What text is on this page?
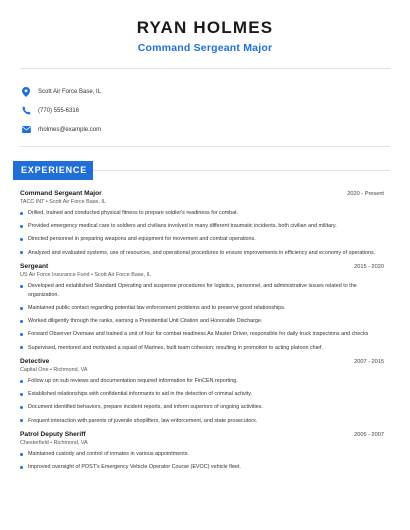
RYAN HOLMES
Command Sergeant Major
Scott Air Force Base, IL
(770) 555-6316
rholmes@example.com
EXPERIENCE
Command Sergeant Major	2020 - Present
TACC INT • Scott Air Force Base, IL
Drilled, trained and conducted physical fitness to prepare soldier's readiness for combat.
Provided emergency medical care to soldiers and civilians involved in many different traumatic incidents, both civilian and military.
Directed personnel in preparing weapons and equipment for movement and combat operations.
Analyzed and evaluated systems, use of resources, and operational procedures to ensure improvements in efficiency and economy of operations.
Sergeant	2015 - 2020
US Air Force Insurance Fund • Scott Air Force Base, IL
Developed and established Standard Operating and suspense procedures for logistics, personnel, and administrative issues related to the organization.
Maintained public contact regarding potential law enforcement problems and to preserve good relationships.
Worked diligently through the ranks, earning a Presidential Unit Citation and Honorable Discharge.
Forward Observer Oversaw and trained a unit of four for combat readiness As Master Driver, responsible for daily truck inspections and checks
Supervised, mentored and motivated a squad of Marines, built team cohesion; resulting in promotion to acting platoon chief.
Detective	2007 - 2015
Capital One • Richmond, VA
Follow up on sub reviews and documentation required information for FinCEN reporting.
Established relationships with confidential informants to aid in the detection of criminal activity.
Document identified behaviors, prepare incident reports, and inform superiors of ongoing activities.
Frequent interaction with parents of juvenile shoplifters, law enforcement, and state prosecutors.
Patrol Deputy Sheriff	2005 - 2007
Chesterfield • Richmond, VA
Maintained custody and control of inmates in various appointments.
Improved oversight of POST's Emergency Vehicle Operator Course (EVOC) vehicle fleet.
